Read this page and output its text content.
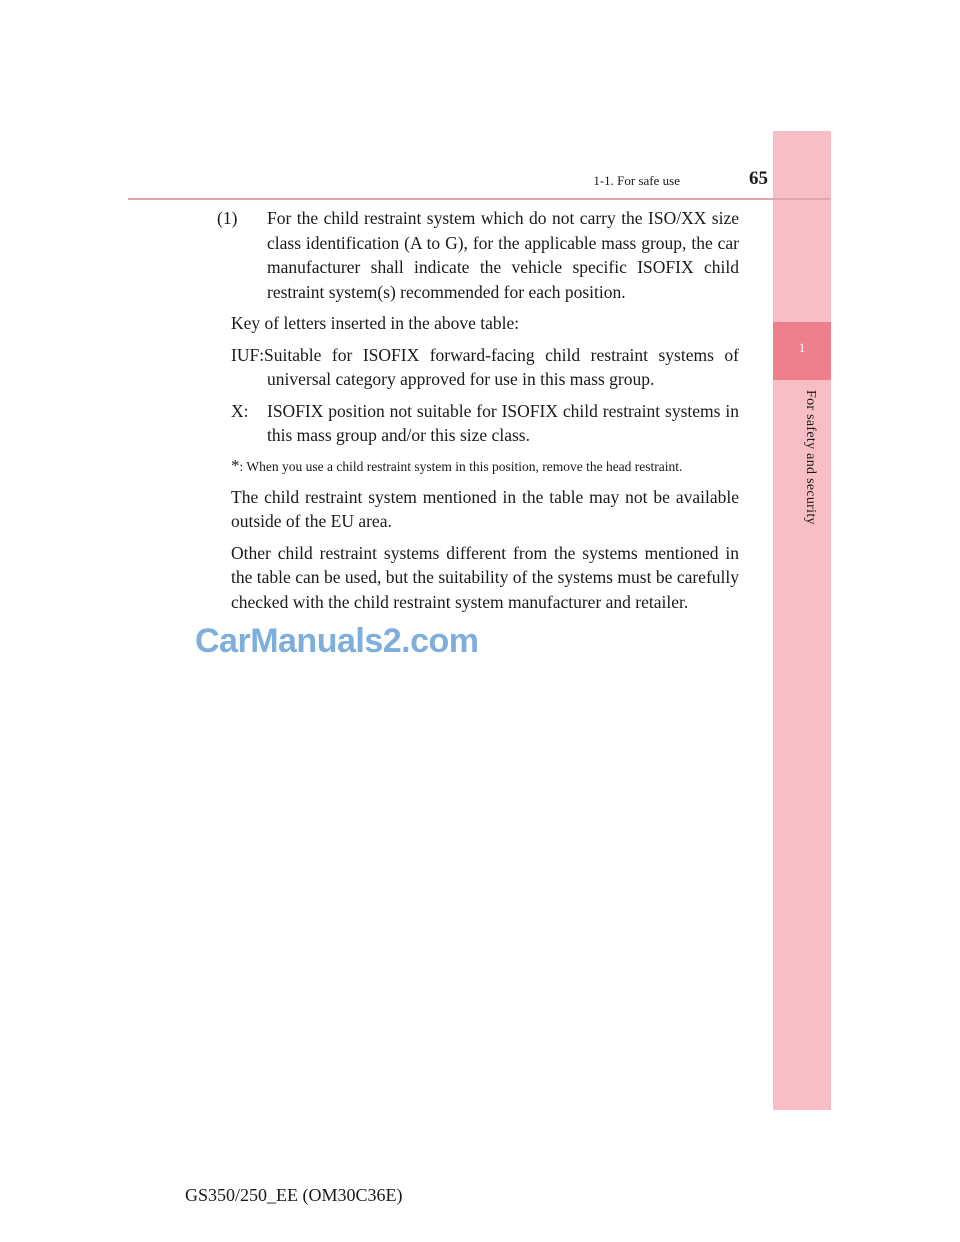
1
For safety and security
1-1. For safe use	65
(1)	For the child restraint system which do not carry the ISO/XX size class identification (A to G), for the applicable mass group, the car manufacturer shall indicate the vehicle specific ISOFIX child restraint system(s) recommended for each position.

Key of letters inserted in the above table:

IUF:Suitable for ISOFIX forward-facing child restraint systems of universal category approved for use in this mass group.

X:	ISOFIX position not suitable for ISOFIX child restraint systems in this mass group and/or this size class.

*: When you use a child restraint system in this position, remove the head restraint.

The child restraint system mentioned in the table may not be available outside of the EU area.

Other child restraint systems different from the systems mentioned in the table can be used, but the suitability of the systems must be carefully checked with the child restraint system manufacturer and retailer.

CarManuals2.com
GS350/250_EE (OM30C36E)
